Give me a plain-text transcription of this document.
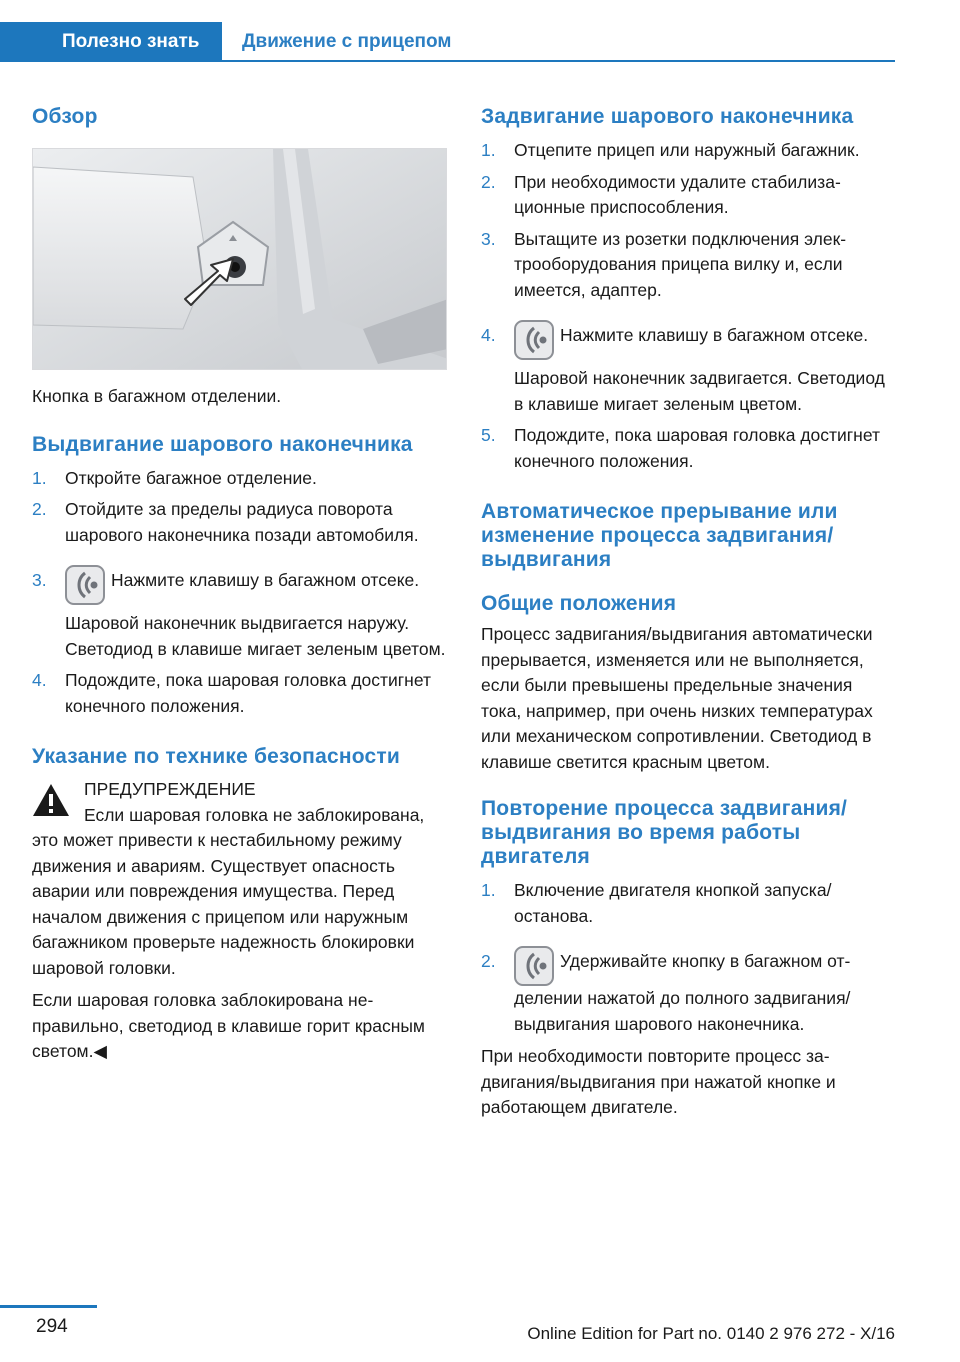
Полезно знать	Движение с прицепом
Обзор

Кнопка в багажном отделении.

Выдвигание шарового наконечника
1. Откройте багажное отделение.
2. Отойдите за пределы радиуса поворота шарового наконечника позади автомобиля.
3.	Нажмите клавишу в багажном отсеке.

Шаровой наконечник выдвигается наружу. Светодиод в клавише мигает зеленым цветом.

4. Подождите, пока шаровая головка достигнет конечного положения.
Указание по технике безопасности

ПРЕДУПРЕЖДЕНИЕ

Если шаровая головка не заблокирована, это может привести к нестабильному режиму движения и авариям. Существует опасность аварии или повреждения имущества. Перед началом движения с прицепом или наружным багажником проверьте надежность блокировки шаровой головки.

Если шаровая головка заблокирована неправильно, светодиод в клавише горит красным светом.◀

Задвигание шарового наконечника
1. Отцепите прицеп или наружный багажник.
2. При необходимости удалите стабилизационные приспособления.
3. Вытащите из розетки подключения электрооборудования прицепа вилку и, если имеется, адаптер.
4.	Нажмите клавишу в багажном отсеке.

Шаровой наконечник задвигается. Светодиод в клавише мигает зеленым цветом.

5. Подождите, пока шаровая головка достигнет конечного положения.
Автоматическое прерывание или изменение процесса задвигания/ выдвигания
Общие положения

Процесс задвигания/выдвигания автоматически прерывается, изменяется или не выполняется, если были превышены предельные значения тока, например, при очень низких температурах или механическом сопротивлении. Светодиод в клавише светится красным цветом.

Повторение процесса задвигания/ выдвигания во время работы двигателя
1. Включение двигателя кнопкой запуска/ останова.
2.	Удерживайте кнопку в багажном отделении нажатой до полного задвигания/ выдвигания шарового наконечника.

При необходимости повторите процесс задвигания/выдвигания при нажатой кнопке и работающем двигателе.

294	Online Edition for Part no. 0140 2 976 272 - X/16
